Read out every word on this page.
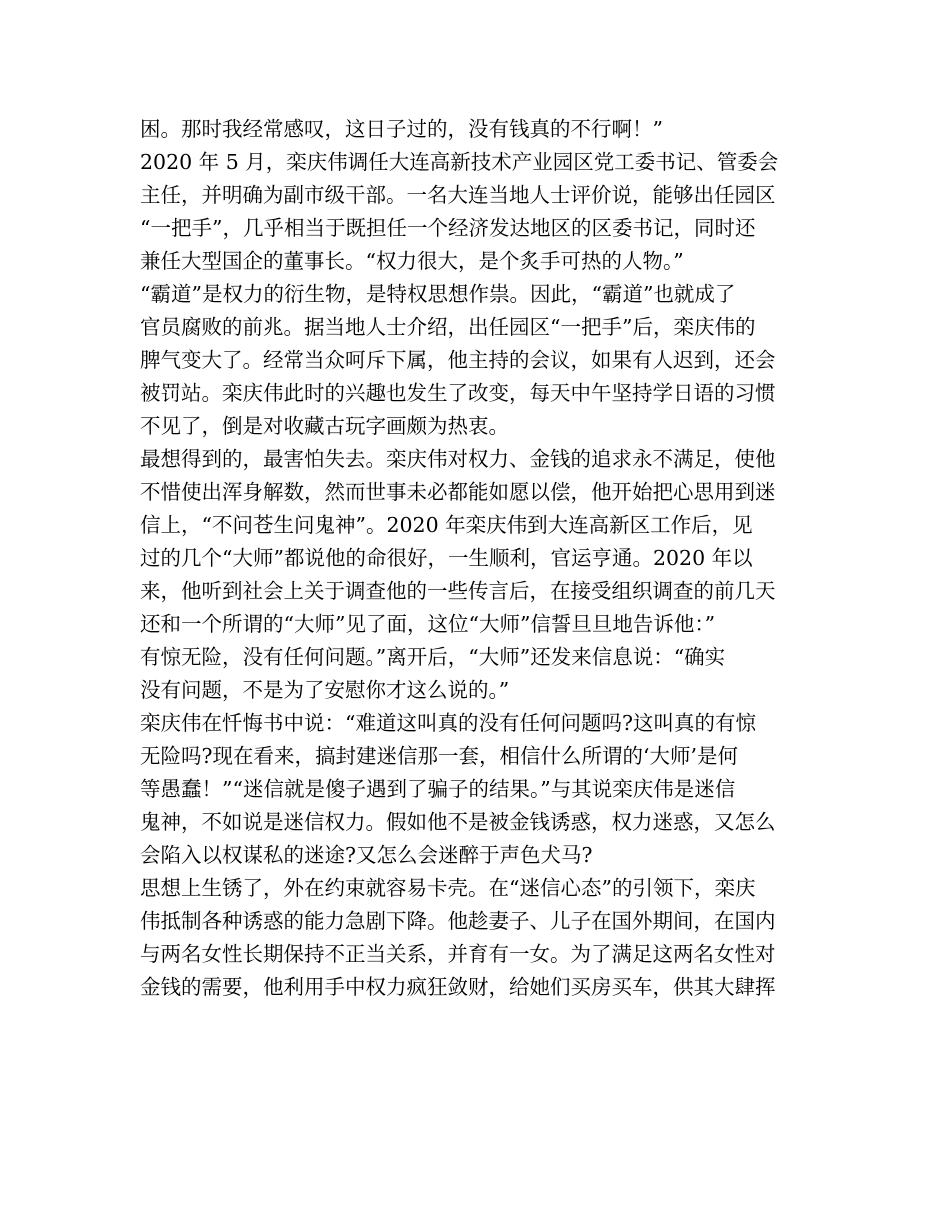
困。那时我经常感叹，这日子过的，没有钱真的不行啊！”
2020 年 5 月，栾庆伟调任大连高新技术产业园区党工委书记、管委会
主任，并明确为副市级干部。一名大连当地人士评价说，能够出任园区
“一把手”，几乎相当于既担任一个经济发达地区的区委书记，同时还
兼任大型国企的董事长。“权力很大，是个炙手可热的人物。”
“霸道”是权力的衍生物，是特权思想作祟。因此，“霸道”也就成了
官员腐败的前兆。据当地人士介绍，出任园区“一把手”后，栾庆伟的
脾气变大了。经常当众呵斥下属，他主持的会议，如果有人迟到，还会
被罚站。栾庆伟此时的兴趣也发生了改变，每天中午坚持学日语的习惯
不见了，倒是对收藏古玩字画颇为热衷。
最想得到的，最害怕失去。栾庆伟对权力、金钱的追求永不满足，使他
不惜使出浑身解数，然而世事未必都能如愿以偿，他开始把心思用到迷
信上，“不问苍生问鬼神”。2020 年栾庆伟到大连高新区工作后，见
过的几个“大师”都说他的命很好，一生顺利，官运亨通。2020 年以
来，他听到社会上关于调查他的一些传言后，在接受组织调查的前几天
还和一个所谓的“大师”见了面，这位“大师”信誓旦旦地告诉他：”
有惊无险，没有任何问题。”离开后，“大师”还发来信息说：“确实
没有问题，不是为了安慰你才这么说的。”
栾庆伟在忏悔书中说：“难道这叫真的没有任何问题吗?这叫真的有惊
无险吗?现在看来，搞封建迷信那一套，相信什么所谓的‘大师’是何
等愚蠢！”“迷信就是傻子遇到了骗子的结果。”与其说栾庆伟是迷信
鬼神，不如说是迷信权力。假如他不是被金钱诱惑，权力迷惑，又怎么
会陷入以权谋私的迷途?又怎么会迷醉于声色犬马?
思想上生锈了，外在约束就容易卡壳。在“迷信心态”的引领下，栾庆
伟抵制各种诱惑的能力急剧下降。他趁妻子、儿子在国外期间，在国内
与两名女性长期保持不正当关系，并育有一女。为了满足这两名女性对
金钱的需要，他利用手中权力疯狂敛财，给她们买房买车，供其大肆挥
